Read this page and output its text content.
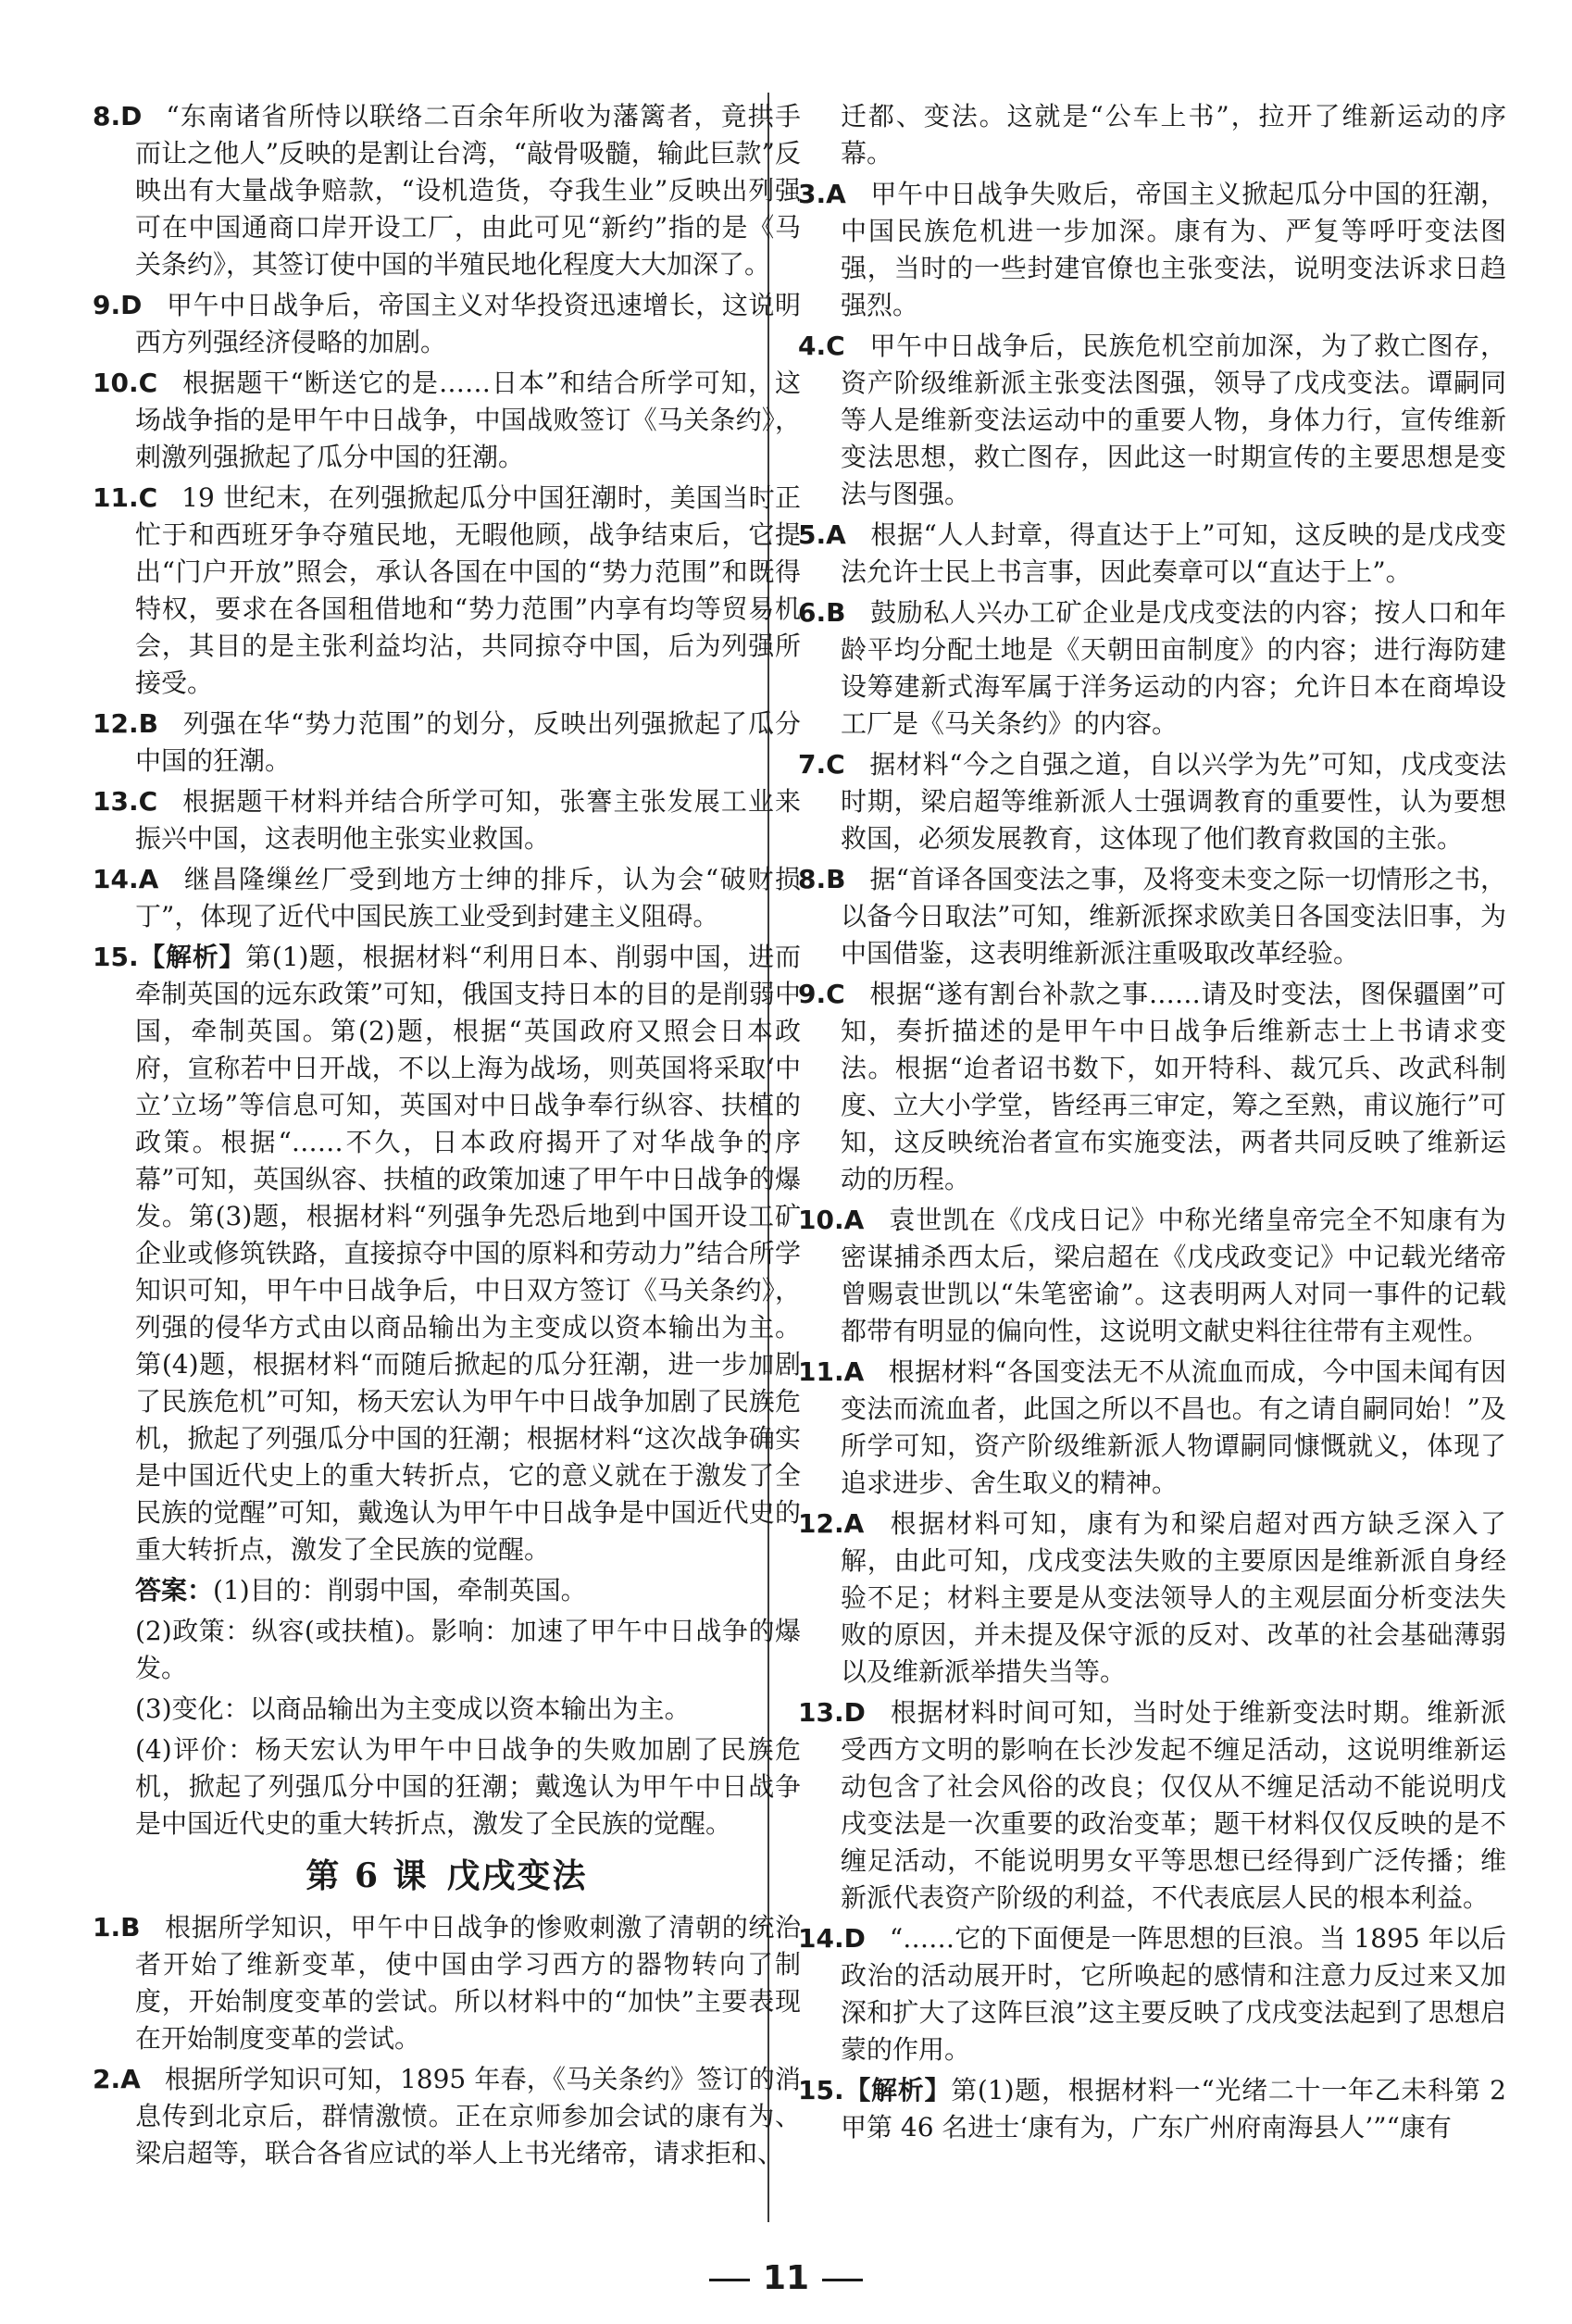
8.D “东南诸省所恃以联络二百余年所收为藩篱者，竟拱手而让之他人”反映的是割让台湾，“敲骨吸髓，输此巨款”反映出有大量战争赔款，“设机造货，夺我生业”反映出列强可在中国通商口岸开设工厂，由此可见“新约”指的是《马关条约》，其签订使中国的半殖民地化程度大大加深了。

9.D 甲午中日战争后，帝国主义对华投资迅速增长，这说明西方列强经济侵略的加剧。

10.C 根据题干“断送它的是……日本”和结合所学可知，这场战争指的是甲午中日战争，中国战败签订《马关条约》，刺激列强掀起了瓜分中国的狂潮。

11.C 19 世纪末，在列强掀起瓜分中国狂潮时，美国当时正忙于和西班牙争夺殖民地，无暇他顾，战争结束后，它提出“门户开放”照会，承认各国在中国的“势力范围”和既得特权，要求在各国租借地和“势力范围”内享有均等贸易机会，其目的是主张利益均沾，共同掠夺中国，后为列强所接受。

12.B 列强在华“势力范围”的划分，反映出列强掀起了瓜分中国的狂潮。

13.C 根据题干材料并结合所学可知，张謇主张发展工业来振兴中国，这表明他主张实业救国。

14.A 继昌隆缫丝厂受到地方士绅的排斥，认为会“破财损丁”，体现了近代中国民族工业受到封建主义阻碍。

15.【解析】第(1)题，根据材料“利用日本、削弱中国，进而牵制英国的远东政策”可知，俄国支持日本的目的是削弱中国，牵制英国。第(2)题，根据“英国政府又照会日本政府，宣称若中日开战，不以上海为战场，则英国将采取‘中立’立场”等信息可知，英国对中日战争奉行纵容、扶植的政策。根据“……不久，日本政府揭开了对华战争的序幕”可知，英国纵容、扶植的政策加速了甲午中日战争的爆发。第(3)题，根据材料“列强争先恐后地到中国开设工矿企业或修筑铁路，直接掠夺中国的原料和劳动力”结合所学知识可知，甲午中日战争后，中日双方签订《马关条约》，列强的侵华方式由以商品输出为主变成以资本输出为主。第(4)题，根据材料“而随后掀起的瓜分狂潮，进一步加剧了民族危机”可知，杨天宏认为甲午中日战争加剧了民族危机，掀起了列强瓜分中国的狂潮；根据材料“这次战争确实是中国近代史上的重大转折点，它的意义就在于激发了全民族的觉醒”可知，戴逸认为甲午中日战争是中国近代史的重大转折点，激发了全民族的觉醒。

答案：(1)目的：削弱中国，牵制英国。

(2)政策：纵容(或扶植)。影响：加速了甲午中日战争的爆发。

(3)变化：以商品输出为主变成以资本输出为主。

(4)评价：杨天宏认为甲午中日战争的失败加剧了民族危机，掀起了列强瓜分中国的狂潮；戴逸认为甲午中日战争是中国近代史的重大转折点，激发了全民族的觉醒。

第 6 课 戊戌变法

1.B 根据所学知识，甲午中日战争的惨败刺激了清朝的统治者开始了维新变革，使中国由学习西方的器物转向了制度，开始制度变革的尝试。所以材料中的“加快”主要表现在开始制度变革的尝试。

2.A 根据所学知识可知，1895 年春，《马关条约》签订的消息传到北京后，群情激愤。正在京师参加会试的康有为、梁启超等，联合各省应试的举人上书光绪帝，请求拒和、

迁都、变法。这就是“公车上书”，拉开了维新运动的序幕。

3.A 甲午中日战争失败后，帝国主义掀起瓜分中国的狂潮，中国民族危机进一步加深。康有为、严复等呼吁变法图强，当时的一些封建官僚也主张变法，说明变法诉求日趋强烈。

4.C 甲午中日战争后，民族危机空前加深，为了救亡图存，资产阶级维新派主张变法图强，领导了戊戌变法。谭嗣同等人是维新变法运动中的重要人物，身体力行，宣传维新变法思想，救亡图存，因此这一时期宣传的主要思想是变法与图强。

5.A 根据“人人封章，得直达于上”可知，这反映的是戊戌变法允许士民上书言事，因此奏章可以“直达于上”。

6.B 鼓励私人兴办工矿企业是戊戌变法的内容；按人口和年龄平均分配土地是《天朝田亩制度》的内容；进行海防建设筹建新式海军属于洋务运动的内容；允许日本在商埠设工厂是《马关条约》的内容。

7.C 据材料“今之自强之道，自以兴学为先”可知，戊戌变法时期，梁启超等维新派人士强调教育的重要性，认为要想救国，必须发展教育，这体现了他们教育救国的主张。

8.B 据“首译各国变法之事，及将变未变之际一切情形之书，以备今日取法”可知，维新派探求欧美日各国变法旧事，为中国借鉴，这表明维新派注重吸取改革经验。

9.C 根据“遂有割台补款之事……请及时变法，图保疆圉”可知，奏折描述的是甲午中日战争后维新志士上书请求变法。根据“迨者诏书数下，如开特科、裁冗兵、改武科制度、立大小学堂，皆经再三审定，筹之至熟，甫议施行”可知，这反映统治者宣布实施变法，两者共同反映了维新运动的历程。

10.A 袁世凯在《戊戌日记》中称光绪皇帝完全不知康有为密谋捕杀西太后，梁启超在《戊戌政变记》中记载光绪帝曾赐袁世凯以“朱笔密谕”。这表明两人对同一事件的记载都带有明显的偏向性，这说明文献史料往往带有主观性。

11.A 根据材料“各国变法无不从流血而成，今中国未闻有因变法而流血者，此国之所以不昌也。有之请自嗣同始！”及所学可知，资产阶级维新派人物谭嗣同慷慨就义，体现了追求进步、舍生取义的精神。

12.A 根据材料可知，康有为和梁启超对西方缺乏深入了解，由此可知，戊戌变法失败的主要原因是维新派自身经验不足；材料主要是从变法领导人的主观层面分析变法失败的原因，并未提及保守派的反对、改革的社会基础薄弱以及维新派举措失当等。

13.D 根据材料时间可知，当时处于维新变法时期。维新派受西方文明的影响在长沙发起不缠足活动，这说明维新运动包含了社会风俗的改良；仅仅从不缠足活动不能说明戊戌变法是一次重要的政治变革；题干材料仅仅反映的是不缠足活动，不能说明男女平等思想已经得到广泛传播；维新派代表资产阶级的利益，不代表底层人民的根本利益。

14.D “……它的下面便是一阵思想的巨浪。当 1895 年以后政治的活动展开时，它所唤起的感情和注意力反过来又加深和扩大了这阵巨浪”这主要反映了戊戌变法起到了思想启蒙的作用。

15.【解析】第(1)题，根据材料一“光绪二十一年乙未科第 2 甲第 46 名进士‘康有为，广东广州府南海县人’”“康有

11
